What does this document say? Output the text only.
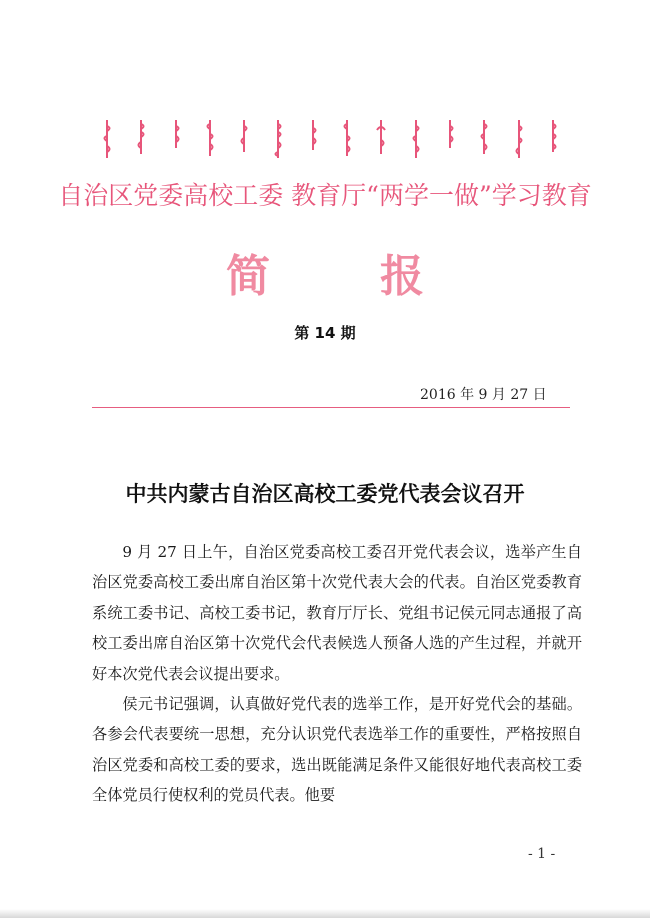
自治区党委高校工委 教育厅“两学一做”学习教育
简	报
第 14 期
2016 年 9 月 27 日
中共内蒙古自治区高校工委党代表会议召开

9 月 27 日上午，自治区党委高校工委召开党代表会议，选举产生自治区党委高校工委出席自治区第十次党代表大会的代表。自治区党委教育系统工委书记、高校工委书记，教育厅厅长、党组书记侯元同志通报了高校工委出席自治区第十次党代会代表候选人预备人选的产生过程，并就开好本次党代表会议提出要求。

侯元书记强调，认真做好党代表的选举工作，是开好党代会的基础。各参会代表要统一思想，充分认识党代表选举工作的重要性，严格按照自治区党委和高校工委的要求，选出既能满足条件又能很好地代表高校工委全体党员行使权利的党员代表。他要

- 1 -
